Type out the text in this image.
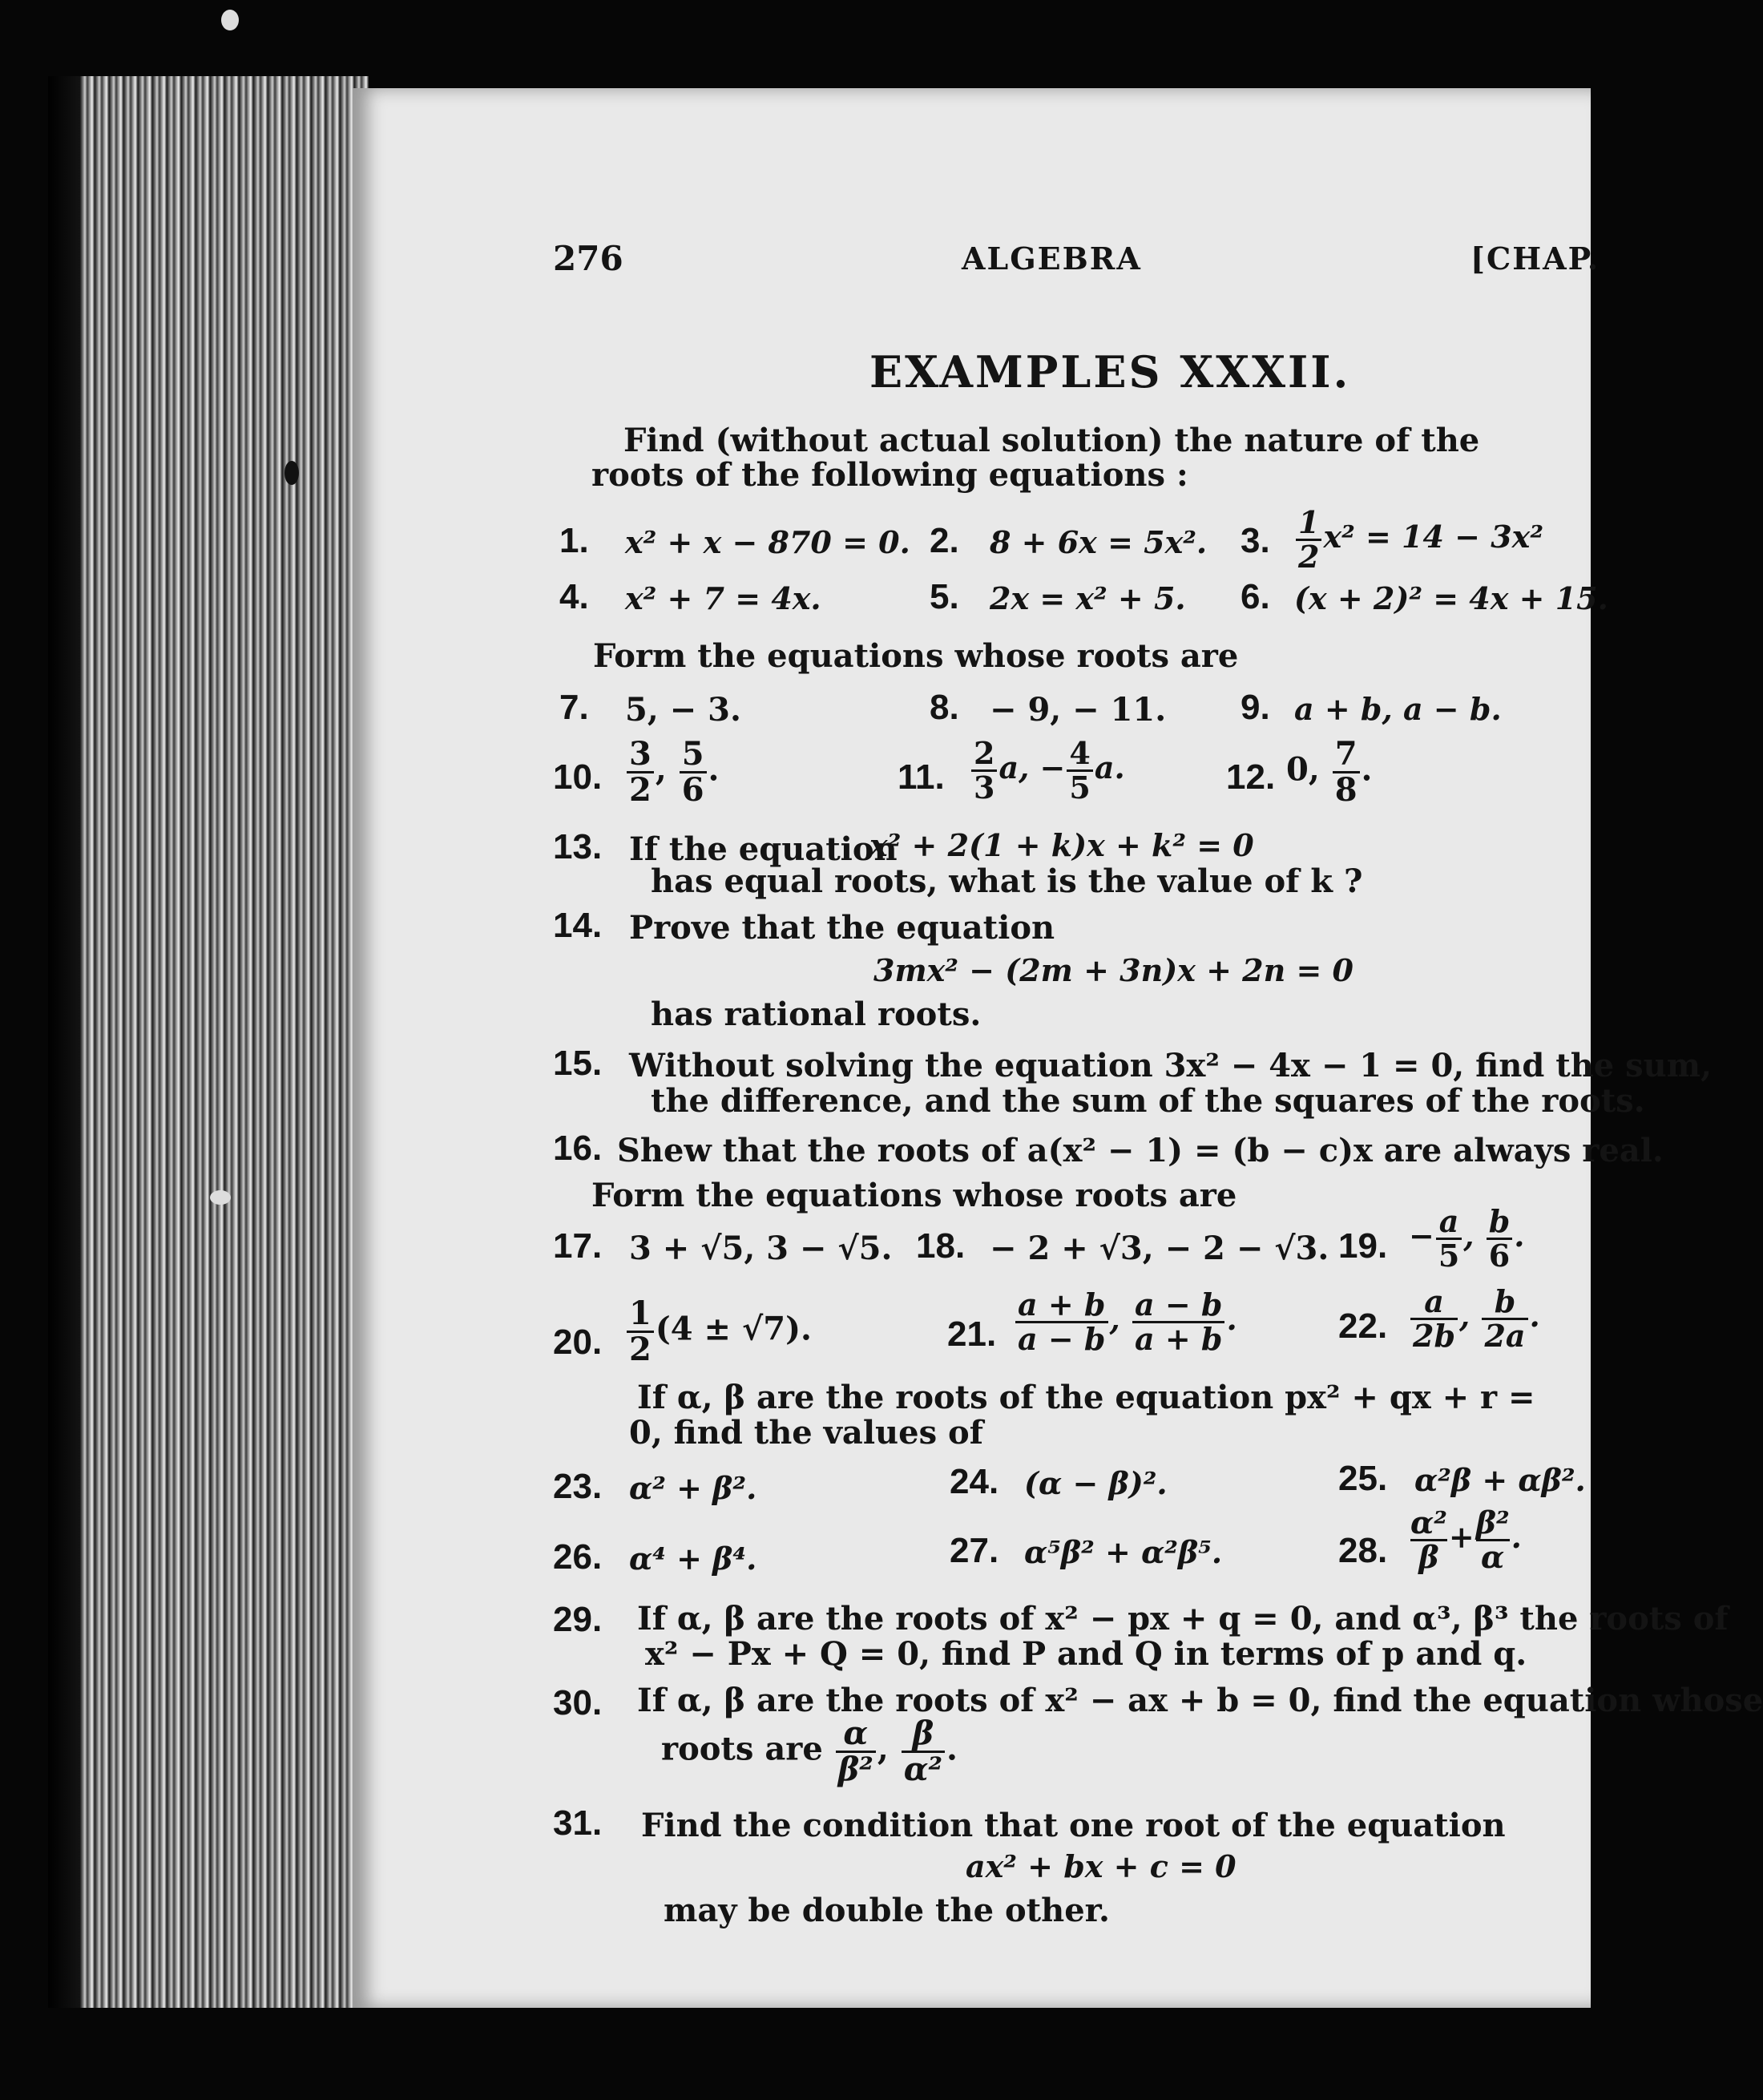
276	ALGEBRA	[CHAP.
EXAMPLES XXXII.
Find (without actual solution) the nature of the roots of the following equations :
1. x² + x − 870 = 0. 2. 8 + 6x = 5x². 3. $\frac{1}{2} x^2 = 14 - 3x^2$
4. x² + 7 = 4x.	5. 2x = x² + 5. 6. (x + 2)² = 4x + 15.
Form the equations whose roots are
7. 5, − 3.	8. − 9, − 11. 9. a + b, a − b.
10. $\frac{3}{2}$ , $\frac{5}{6}$ .	11. $\frac{2}{3} a$, − $\frac{4}{5} a$.	12. 0, $\frac{7}{8}$ .
13. If the equation
x² + 2(1 + k)x + k² = 0
has equal roots, what is the value of k ?
14. Prove that the equation
3mx² − (2m + 3n)x + 2n = 0
has rational roots.
15. Without solving the equation 3x² − 4x − 1 = 0, find the sum,
the difference, and the sum of the squares of the roots.
16. Shew that the roots of a(x² − 1) = (b − c)x are always real.
Form the equations whose roots are
17. 3 + √5, 3 − √5. 18. − 2 + √3, − 2 − √3. 19. − $\frac{a}{5}$ , $\frac{b}{6}$ .
20. $\frac{1}{2} (4 \pm √7)$.	21. $\frac{a + b}{a - b}$ , $\frac{a - b}{a + b}$ .	22. $\frac{a}{2b}$ , $\frac{b}{2a}$ .
If α, β are the roots of the equation px² + qx + r = 0, find the values of
23. α² + β².	24. (α − β)².	25. α²β + αβ².
26. α⁴ + β⁴.	27. α⁵β² + α²β⁵.	28. $\frac{\text{α²}}{\beta} + \frac{\text{β²}}{\alpha}$ .
29. If α, β are the roots of x² − px + q = 0, and α³, β³ the roots of
x² − Px + Q = 0, find P and Q in terms of p and q.
30. If α, β are the roots of x² − ax + b = 0, find the equation whose
roots are $\frac{\alpha}{\text{β²}}$ , $\frac{\beta}{\text{α²}}$ .
31. Find the condition that one root of the equation
ax² + bx + c = 0
may be double the other.
